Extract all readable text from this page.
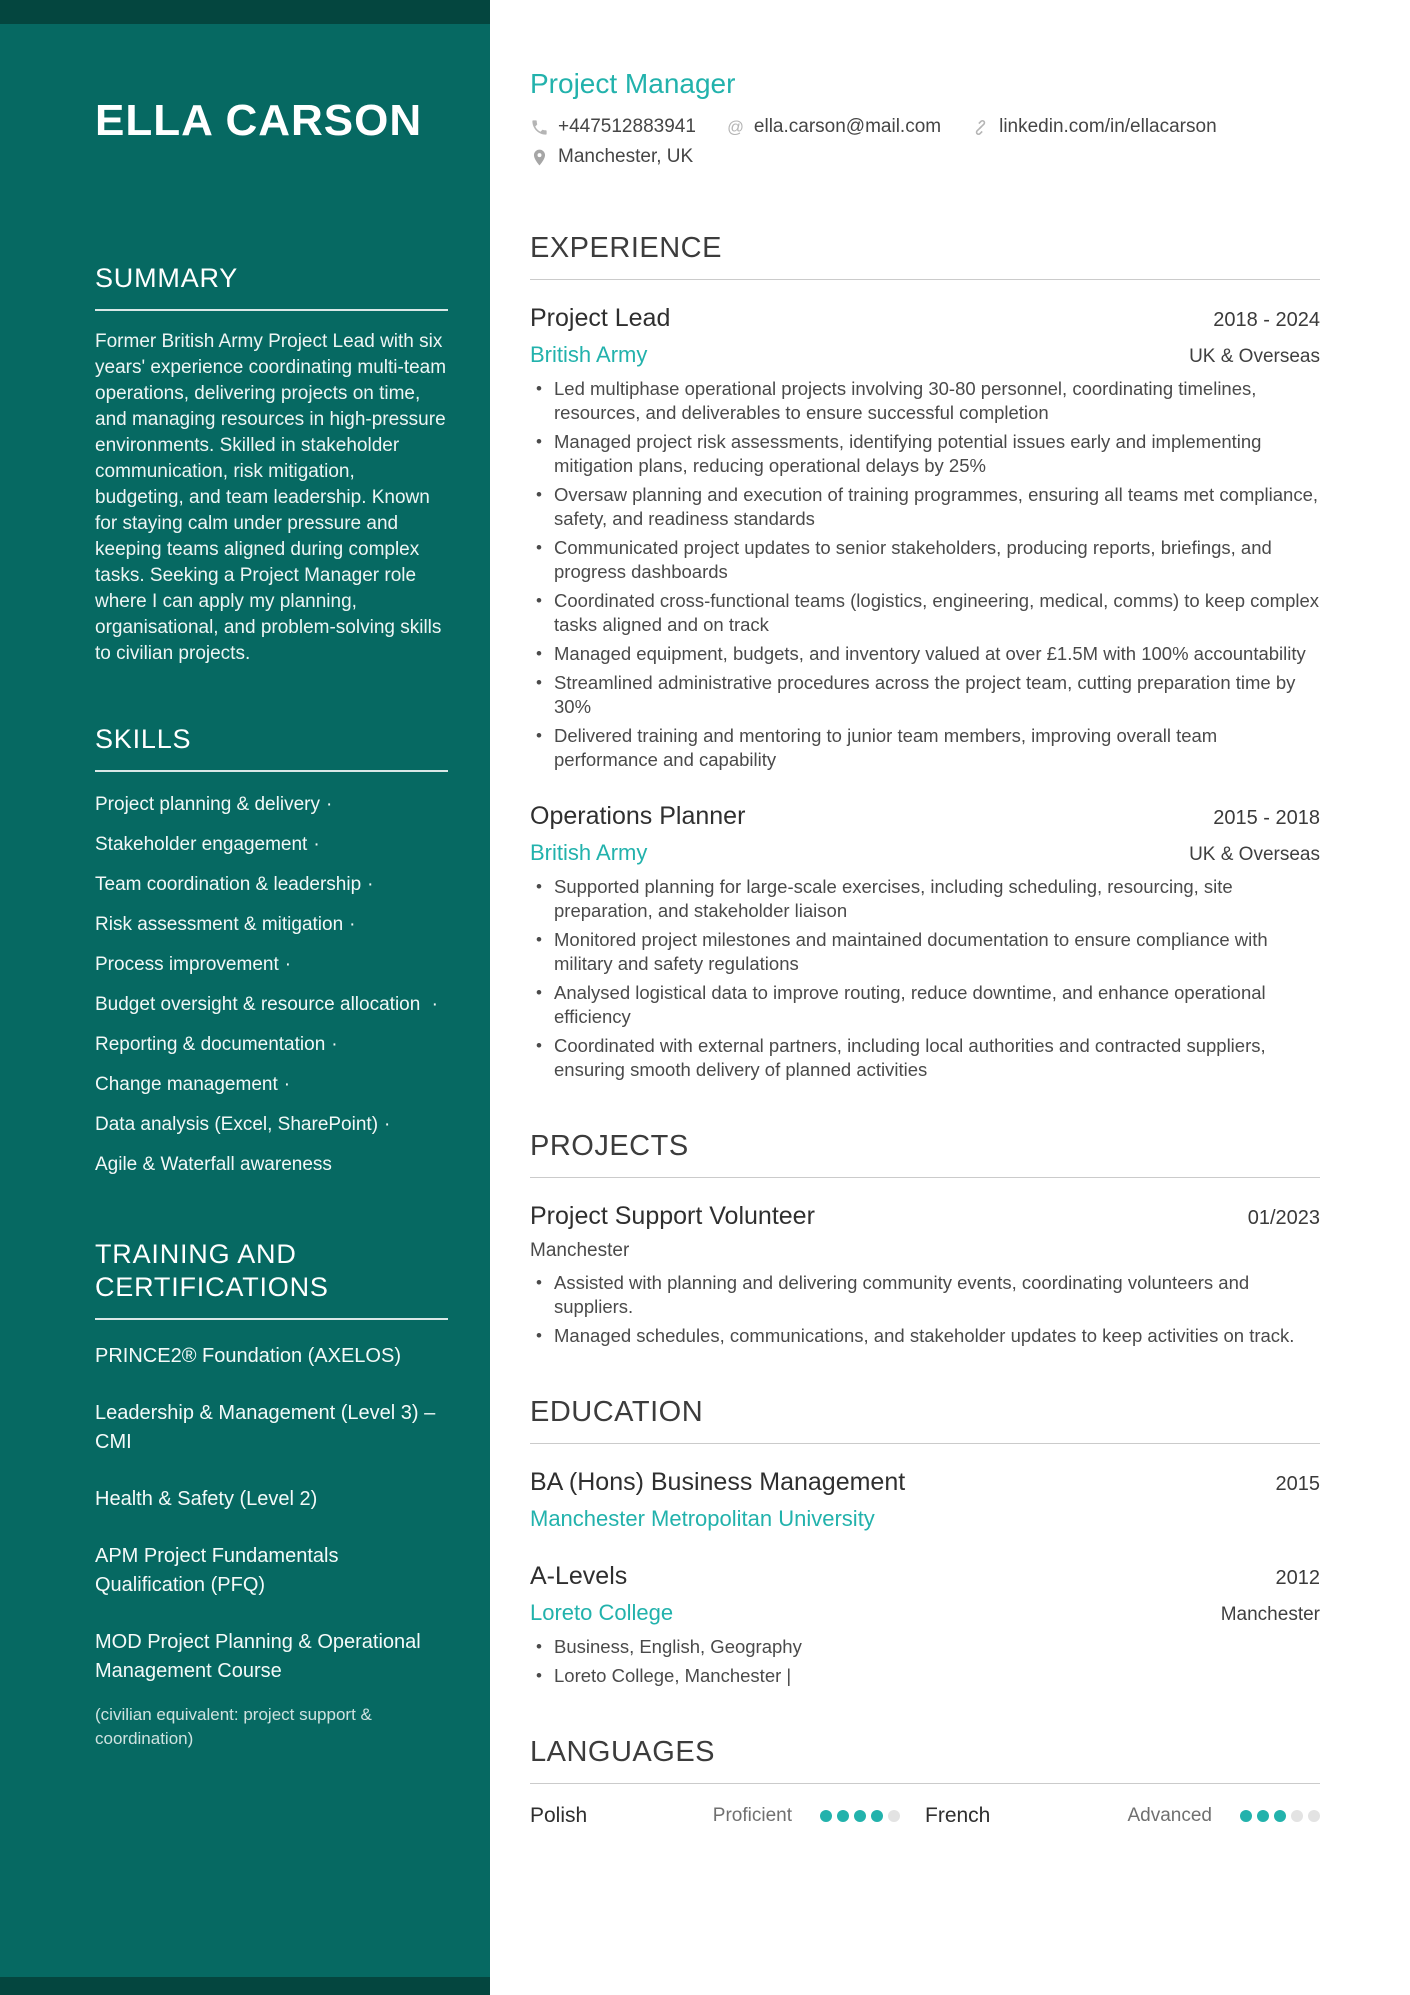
ELLA CARSON
SUMMARY

Former British Army Project Lead with six years' experience coordinating multi-team operations, delivering projects on time, and managing resources in high-pressure environments. Skilled in stakeholder communication, risk mitigation, budgeting, and team leadership. Known for staying calm under pressure and keeping teams aligned during complex tasks. Seeking a Project Manager role where I can apply my planning, organisational, and problem-solving skills to civilian projects.

SKILLS
Project planning & delivery ·
Stakeholder engagement ·
Team coordination & leadership ·
Risk assessment & mitigation ·
Process improvement ·
Budget oversight & resource allocation ·
Reporting & documentation ·
Change management ·
Data analysis (Excel, SharePoint) ·
Agile & Waterfall awareness
TRAINING AND CERTIFICATIONS
PRINCE2® Foundation (AXELOS)
Leadership & Management (Level 3) – CMI
Health & Safety (Level 2)
APM Project Fundamentals Qualification (PFQ)
MOD Project Planning & Operational Management Course

(civilian equivalent: project support & coordination)

Project Manager
+447512883941 @ ella.carson@mail.com	linkedin.com/in/ellacarson
Manchester, UK
EXPERIENCE
Project Lead	2018 - 2024
British Army	UK & Overseas
• Led multiphase operational projects involving 30-80 personnel, coordinating timelines, resources, and deliverables to ensure successful completion
• Managed project risk assessments, identifying potential issues early and implementing mitigation plans, reducing operational delays by 25%
• Oversaw planning and execution of training programmes, ensuring all teams met compliance, safety, and readiness standards
• Communicated project updates to senior stakeholders, producing reports, briefings, and progress dashboards
• Coordinated cross-functional teams (logistics, engineering, medical, comms) to keep complex tasks aligned and on track
• Managed equipment, budgets, and inventory valued at over £1.5M with 100% accountability
• Streamlined administrative procedures across the project team, cutting preparation time by 30%
• Delivered training and mentoring to junior team members, improving overall team performance and capability
Operations Planner	2015 - 2018
British Army	UK & Overseas
• Supported planning for large-scale exercises, including scheduling, resourcing, site preparation, and stakeholder liaison
• Monitored project milestones and maintained documentation to ensure compliance with military and safety regulations
• Analysed logistical data to improve routing, reduce downtime, and enhance operational efficiency
• Coordinated with external partners, including local authorities and contracted suppliers, ensuring smooth delivery of planned activities
PROJECTS
Project Support Volunteer	01/2023
Manchester
• Assisted with planning and delivering community events, coordinating volunteers and suppliers.
• Managed schedules, communications, and stakeholder updates to keep activities on track.
EDUCATION
BA (Hons) Business Management	2015
Manchester Metropolitan University
A-Levels	2012
Loreto College	Manchester
• Business, English, Geography
• Loreto College, Manchester |
LANGUAGES
Polish	Proficient	French	Advanced
